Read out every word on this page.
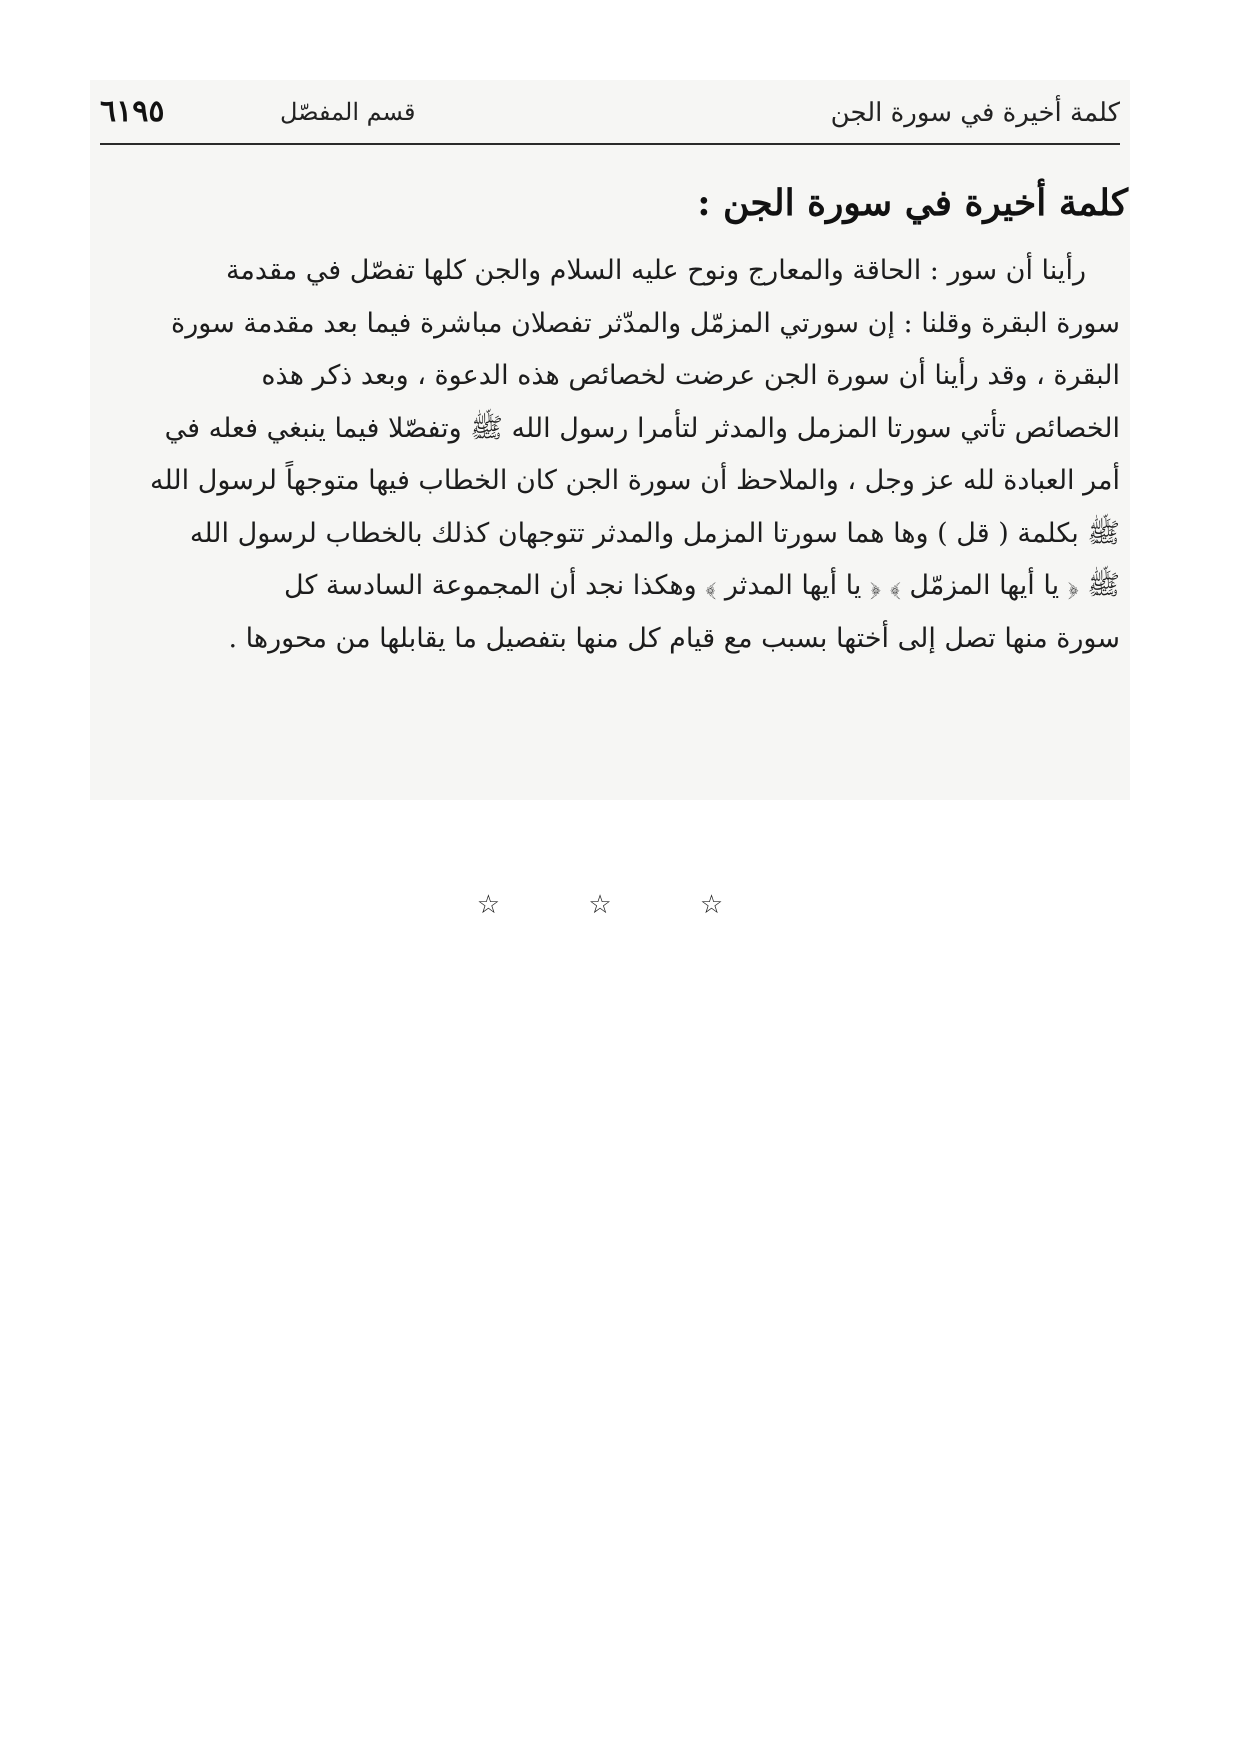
كلمة أخيرة في سورة الجن
قسم المفصّل
٦١٩٥
كلمة أخيرة في سورة الجن :
رأينا أن سور : الحاقة والمعارج ونوح عليه السلام والجن كلها تفصّل في مقدمة
سورة البقرة وقلنا : إن سورتي المزمّل والمدّثر تفصلان مباشرة فيما بعد مقدمة سورة
البقرة ، وقد رأينا أن سورة الجن عرضت لخصائص هذه الدعوة ، وبعد ذكر هذه
الخصائص تأتي سورتا المزمل والمدثر لتأمرا رسول الله ﷺ وتفصّلا فيما ينبغي فعله في
أمر العبادة لله عز وجل ، والملاحظ أن سورة الجن كان الخطاب فيها متوجهاً لرسول الله
ﷺ بكلمة ( قل ) وها هما سورتا المزمل والمدثر تتوجهان كذلك بالخطاب لرسول الله
ﷺ ﴿ يا أيها المزمّل ﴾ ﴿ يا أيها المدثر ﴾ وهكذا نجد أن المجموعة السادسة كل
سورة منها تصل إلى أختها بسبب مع قيام كل منها بتفصيل ما يقابلها من محورها .
☆ ☆ ☆
